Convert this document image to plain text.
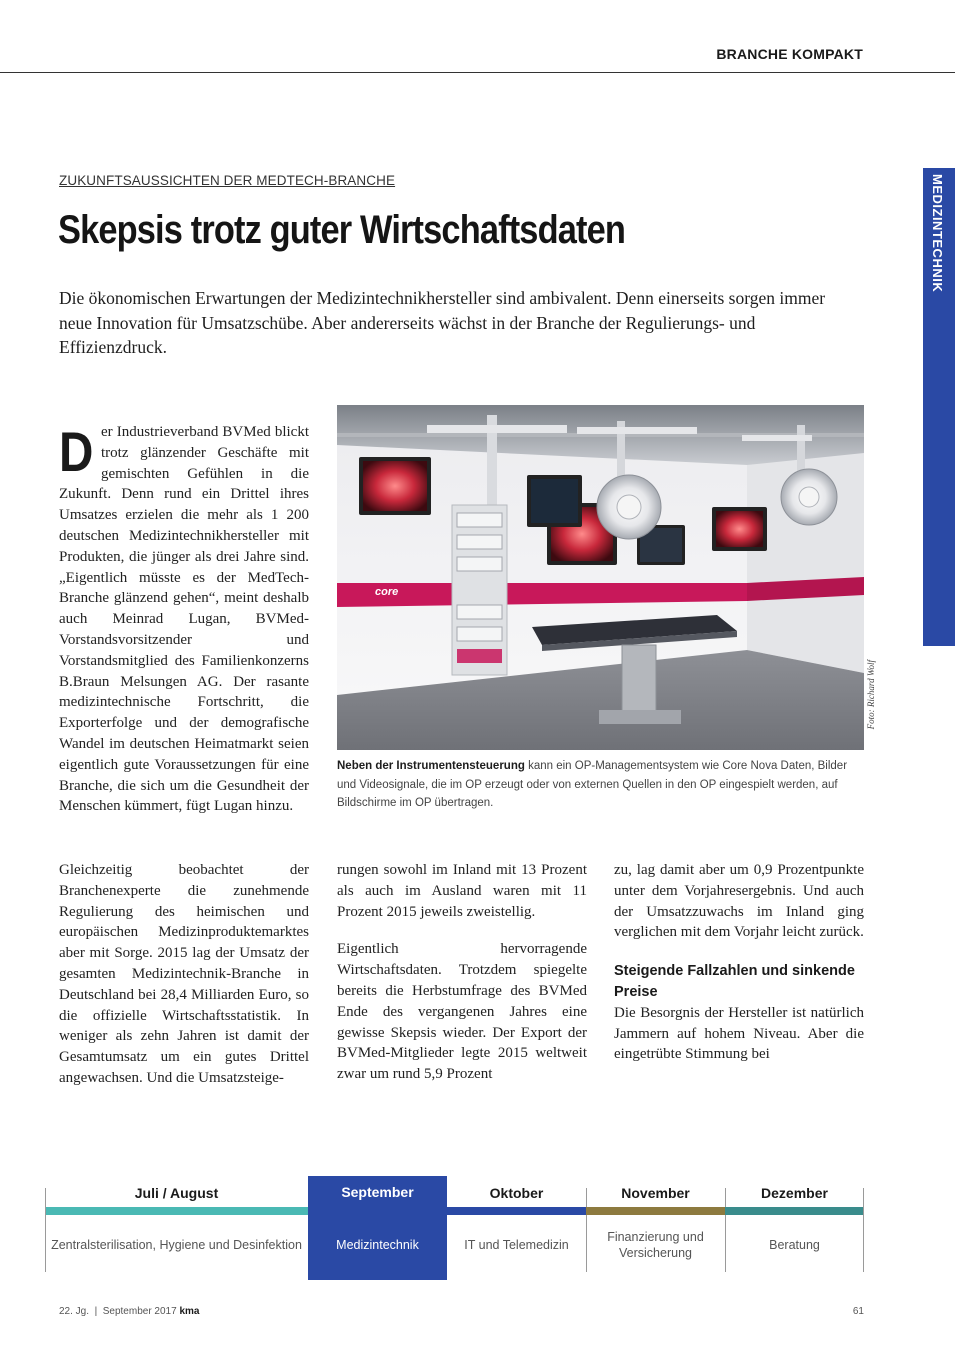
BRANCHE KOMPAKT
MEDIZINTECHNIK
ZUKUNFTSAUSSICHTEN DER MEDTECH-BRANCHE
Skepsis trotz guter Wirtschaftsdaten

Die ökonomischen Erwartungen der Medizintechnikhersteller sind ambivalent. Denn einerseits sorgen immer neue Innovation für Umsatzschübe. Aber andererseits wächst in der Branche der Regulierungs- und Effizienzdruck.

Der Industrieverband BVMed blickt trotz glänzender Geschäfte mit gemischten Gefühlen in die Zukunft. Denn rund ein Drittel ihres Umsatzes erzielen die mehr als 1 200 deutschen Medizintechnikhersteller mit Produkten, die jünger als drei Jahre sind. „Eigentlich müsste es der MedTech-Branche glänzend gehen“, meint deshalb auch Meinrad Lugan, BVMed-Vorstandsvorsitzender und Vorstandsmitglied des Familienkonzerns B.Braun Melsungen AG. Der rasante medizintechnische Fortschritt, die Exporterfolge und der demografische Wandel im deutschen Heimatmarkt seien eigentlich gute Voraussetzungen für eine Branche, die sich um die Gesundheit der Menschen kümmert, fügt Lugan hinzu.

core
Foto: Richard Wolf

Neben der Instrumentensteuerung kann ein OP-Managementsystem wie Core Nova Daten, Bilder und Videosignale, die im OP erzeugt oder von externen Quellen in den OP eingespielt werden, auf Bildschirme im OP übertragen.

Gleichzeitig beobachtet der Branchenexperte die zunehmende Regulierung des heimischen und europäischen Medizinproduktemarktes aber mit Sorge. 2015 lag der Umsatz der gesamten Medizintechnik-Branche in Deutschland bei 28,4 Milliarden Euro, so die offizielle Wirtschaftsstatistik. In weniger als zehn Jahren ist damit der Gesamtumsatz um ein gutes Drittel angewachsen. Und die Umsatzsteige-

rungen sowohl im Inland mit 13 Prozent als auch im Ausland waren mit 11 Prozent 2015 jeweils zweistellig.
Eigentlich hervorragende Wirtschaftsdaten. Trotzdem spiegelte bereits die Herbstumfrage des BVMed Ende des vergangenen Jahres eine gewisse Skepsis wieder. Der Export der BVMed-Mitglieder legte 2015 weltweit zwar um rund 5,9 Prozent
zu, lag damit aber um 0,9 Prozentpunkte unter dem Vorjahresergebnis. Und auch der Umsatzzuwachs im Inland ging verglichen mit dem Vorjahr leicht zurück.
Steigende Fallzahlen und sinkende Preise
Die Besorgnis der Hersteller ist natürlich Jammern auf hohem Niveau. Aber die eingetrübte Stimmung bei
Juli / August
Zentralsterilisation, Hygiene und Desinfektion
September
Medizintechnik
Oktober
IT und Telemedizin
November
Finanzierung und Versicherung
Dezember
Beratung
22. Jg.  |  September 2017 kma	61
